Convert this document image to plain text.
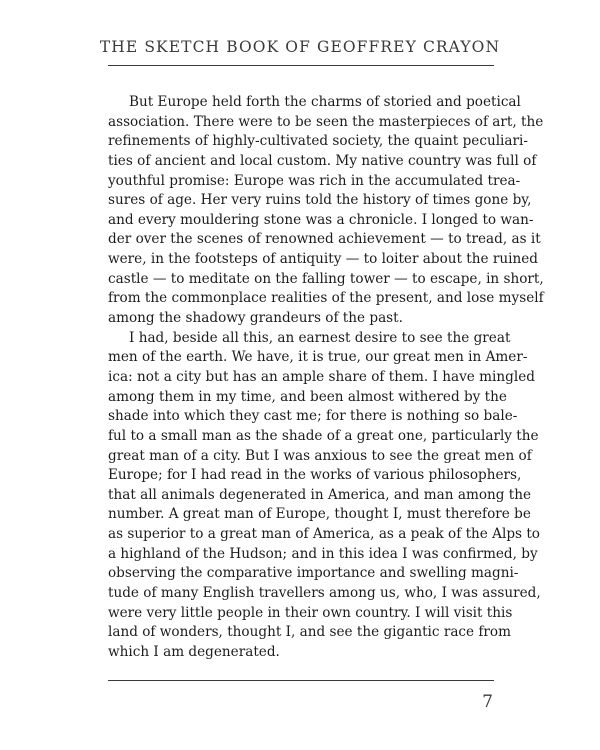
THE SKETCH BOOK OF GEOFFREY CRAYON
But Europe held forth the charms of storied and poetical
association. There were to be seen the masterpieces of art, the
refinements of highly-cultivated society, the quaint peculiari-
ties of ancient and local custom. My native country was full of
youthful promise: Europe was rich in the accumulated trea-
sures of age. Her very ruins told the history of times gone by,
and every mouldering stone was a chronicle. I longed to wan-
der over the scenes of renowned achievement — to tread, as it
were, in the footsteps of antiquity — to loiter about the ruined
castle — to meditate on the falling tower — to escape, in short,
from the commonplace realities of the present, and lose myself
among the shadowy grandeurs of the past.
I had, beside all this, an earnest desire to see the great
men of the earth. We have, it is true, our great men in Amer-
ica: not a city but has an ample share of them. I have mingled
among them in my time, and been almost withered by the
shade into which they cast me; for there is nothing so bale-
ful to a small man as the shade of a great one, particularly the
great man of a city. But I was anxious to see the great men of
Europe; for I had read in the works of various philosophers,
that all animals degenerated in America, and man among the
number. A great man of Europe, thought I, must therefore be
as superior to a great man of America, as a peak of the Alps to
a highland of the Hudson; and in this idea I was confirmed, by
observing the comparative importance and swelling magni-
tude of many English travellers among us, who, I was assured,
were very little people in their own country. I will visit this
land of wonders, thought I, and see the gigantic race from
which I am degenerated.
7
